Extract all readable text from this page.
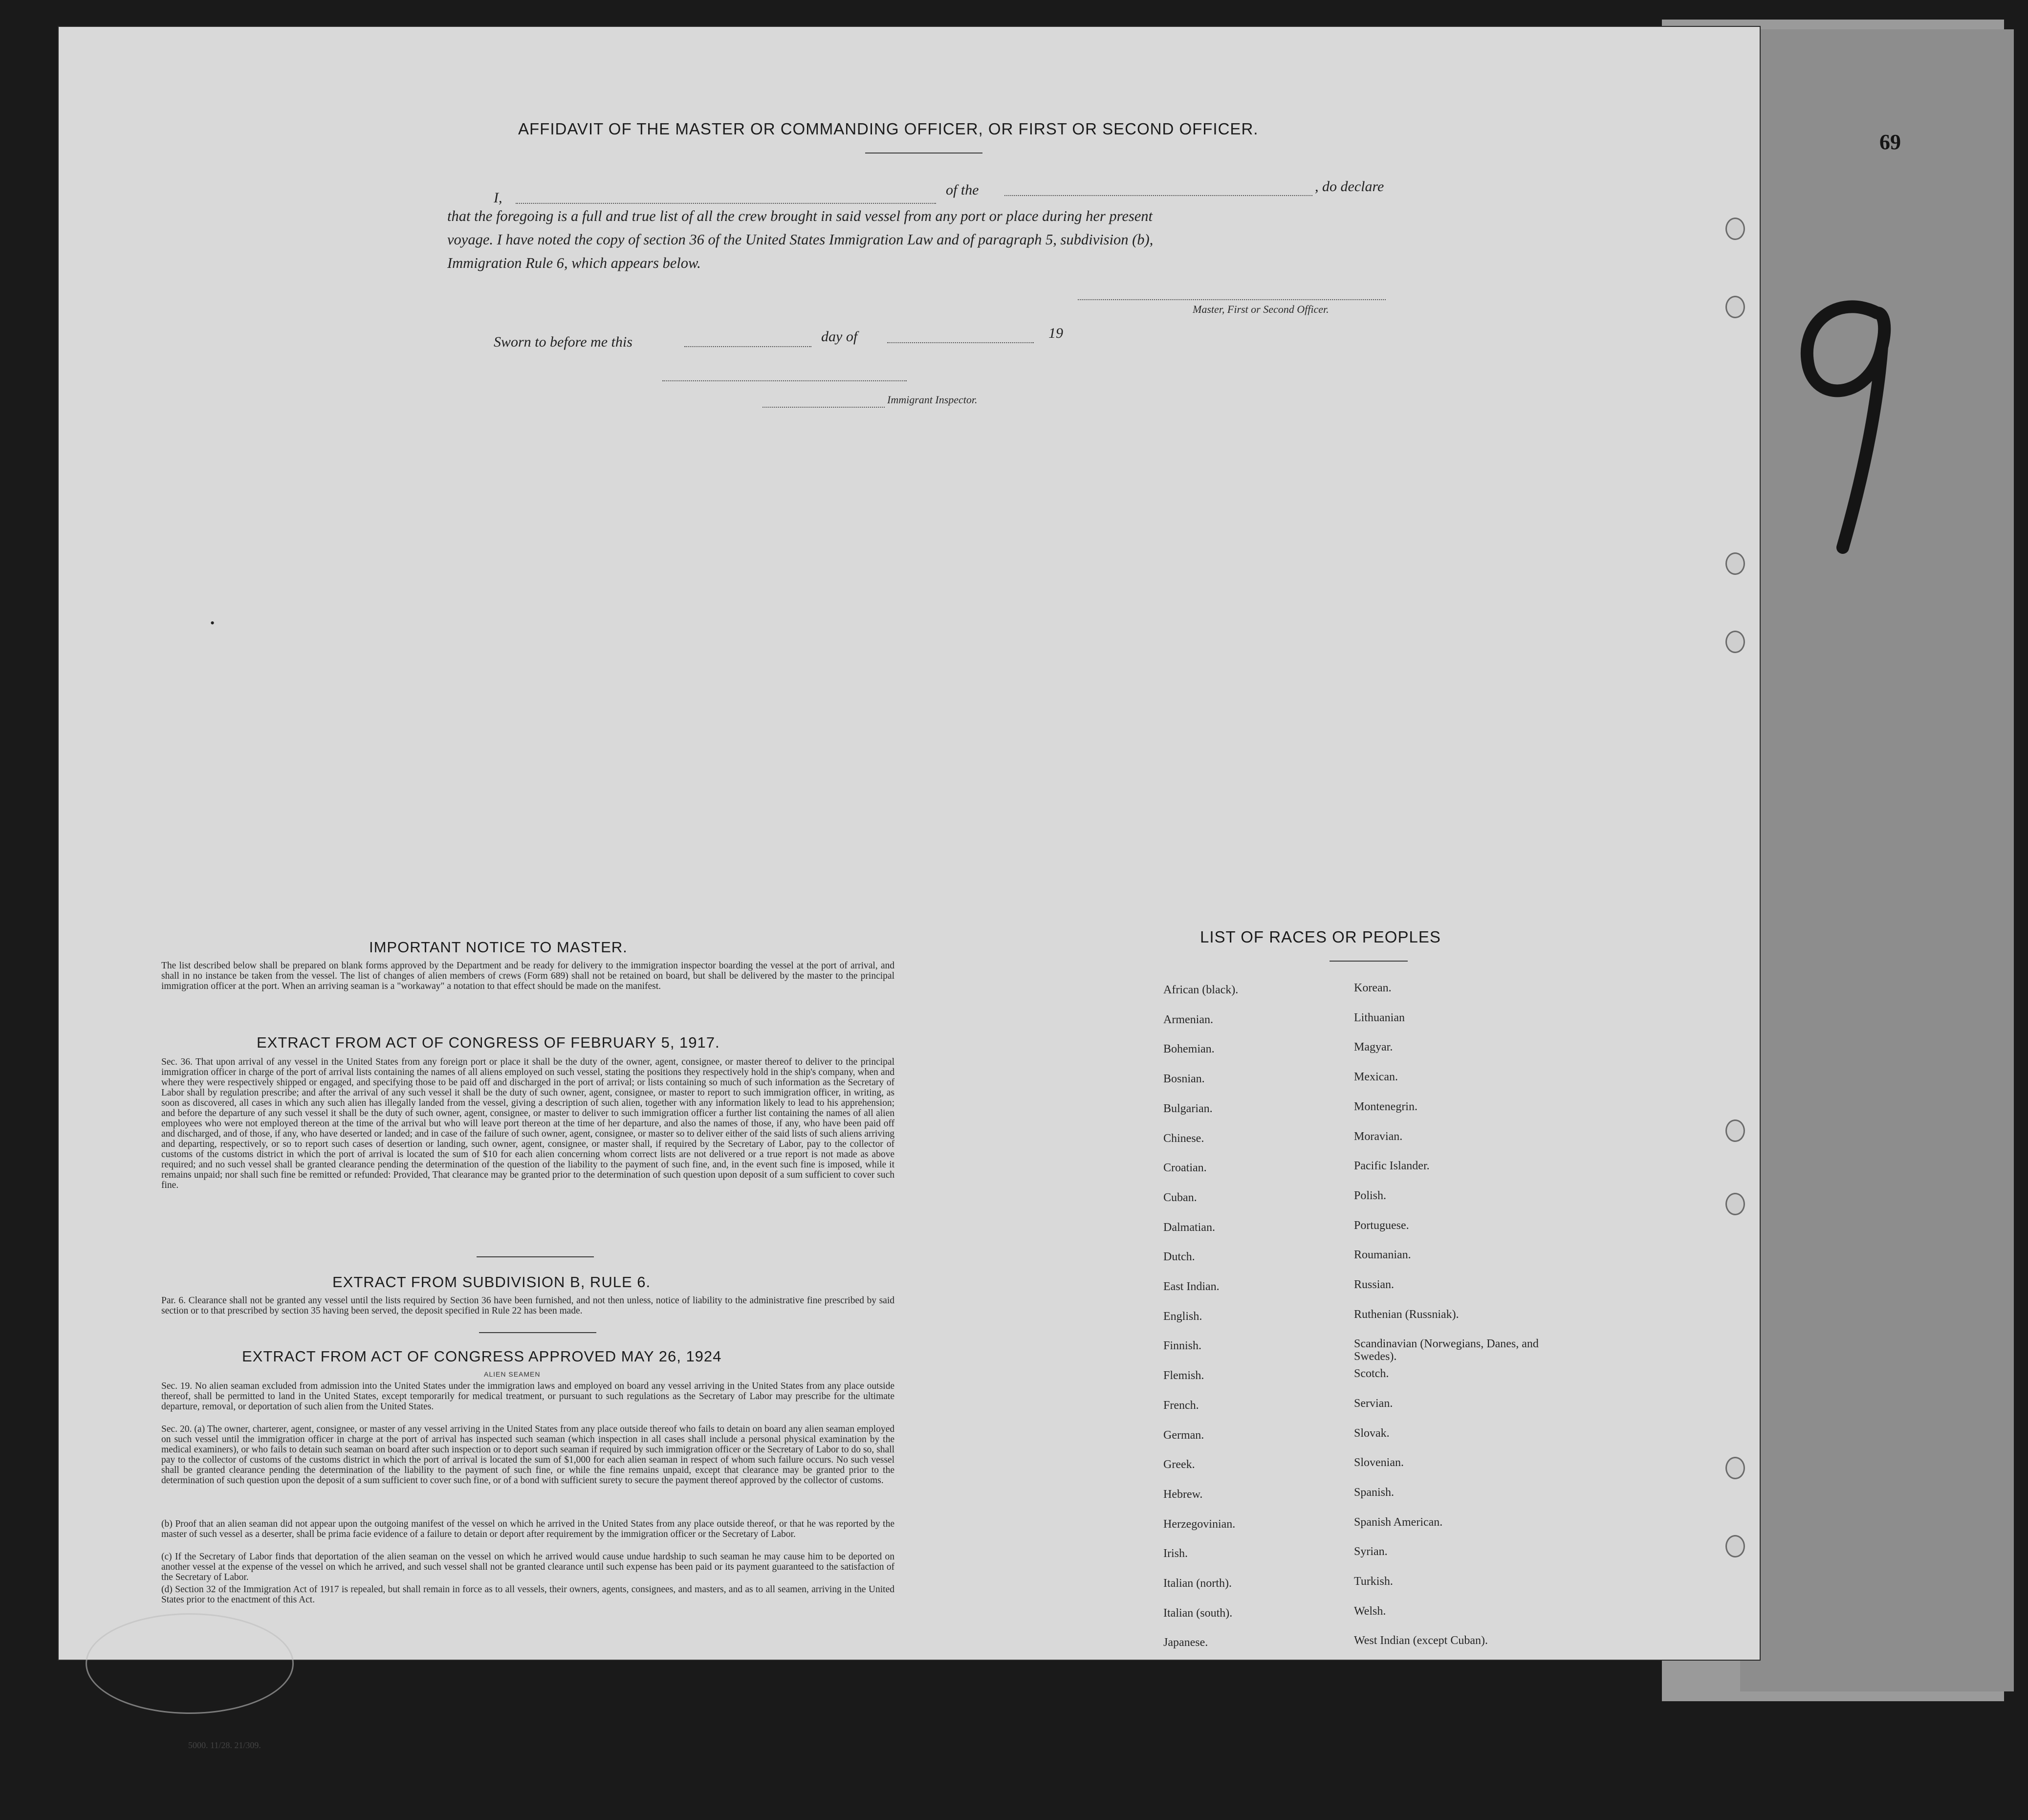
69
AFFIDAVIT OF THE MASTER OR COMMANDING OFFICER, OR FIRST OR SECOND OFFICER.
I,	of the	, do declare
that the foregoing is a full and true list of all the crew brought in said vessel from any port or place during her present
voyage. I have noted the copy of section 36 of the United States Immigration Law and of paragraph 5, subdivision (b),
Immigration Rule 6, which appears below.
Master, First or Second Officer.
Sworn to before me this	day of	19
Immigrant Inspector.
•
IMPORTANT NOTICE TO MASTER.
The list described below shall be prepared on blank forms approved by the Department and be ready for delivery to the immigration inspector boarding the vessel at the port of arrival, and shall in no instance be taken from the vessel. The list of changes of alien members of crews (Form 689) shall not be retained on board, but shall be delivered by the master to the principal immigration officer at the port. When an arriving seaman is a "workaway" a notation to that effect should be made on the manifest.
EXTRACT FROM ACT OF CONGRESS OF FEBRUARY 5, 1917.
Sec. 36. That upon arrival of any vessel in the United States from any foreign port or place it shall be the duty of the owner, agent, consignee, or master thereof to deliver to the principal immigration officer in charge of the port of arrival lists containing the names of all aliens employed on such vessel, stating the positions they respectively hold in the ship's company, when and where they were respectively shipped or engaged, and specifying those to be paid off and discharged in the port of arrival; or lists containing so much of such information as the Secretary of Labor shall by regulation prescribe; and after the arrival of any such vessel it shall be the duty of such owner, agent, consignee, or master to report to such immigration officer, in writing, as soon as discovered, all cases in which any such alien has illegally landed from the vessel, giving a description of such alien, together with any information likely to lead to his apprehension; and before the departure of any such vessel it shall be the duty of such owner, agent, consignee, or master to deliver to such immigration officer a further list containing the names of all alien employees who were not employed thereon at the time of the arrival but who will leave port thereon at the time of her departure, and also the names of those, if any, who have been paid off and discharged, and of those, if any, who have deserted or landed; and in case of the failure of such owner, agent, consignee, or master so to deliver either of the said lists of such aliens arriving and departing, respectively, or so to report such cases of desertion or landing, such owner, agent, consignee, or master shall, if required by the Secretary of Labor, pay to the collector of customs of the customs district in which the port of arrival is located the sum of $10 for each alien concerning whom correct lists are not delivered or a true report is not made as above required; and no such vessel shall be granted clearance pending the determination of the question of the liability to the payment of such fine, and, in the event such fine is imposed, while it remains unpaid; nor shall such fine be remitted or refunded: Provided, That clearance may be granted prior to the determination of such question upon deposit of a sum sufficient to cover such fine.
EXTRACT FROM SUBDIVISION B, RULE 6.
Par. 6. Clearance shall not be granted any vessel until the lists required by Section 36 have been furnished, and not then unless, notice of liability to the administrative fine prescribed by said section or to that prescribed by section 35 having been served, the deposit specified in Rule 22 has been made.
EXTRACT FROM ACT OF CONGRESS APPROVED MAY 26, 1924
ALIEN SEAMEN
Sec. 19. No alien seaman excluded from admission into the United States under the immigration laws and employed on board any vessel arriving in the United States from any place outside thereof, shall be permitted to land in the United States, except temporarily for medical treatment, or pursuant to such regulations as the Secretary of Labor may prescribe for the ultimate departure, removal, or deportation of such alien from the United States.
Sec. 20. (a) The owner, charterer, agent, consignee, or master of any vessel arriving in the United States from any place outside thereof who fails to detain on board any alien seaman employed on such vessel until the immigration officer in charge at the port of arrival has inspected such seaman (which inspection in all cases shall include a personal physical examination by the medical examiners), or who fails to detain such seaman on board after such inspection or to deport such seaman if required by such immigration officer or the Secretary of Labor to do so, shall pay to the collector of customs of the customs district in which the port of arrival is located the sum of $1,000 for each alien seaman in respect of whom such failure occurs. No such vessel shall be granted clearance pending the determination of the liability to the payment of such fine, or while the fine remains unpaid, except that clearance may be granted prior to the determination of such question upon the deposit of a sum sufficient to cover such fine, or of a bond with sufficient surety to secure the payment thereof approved by the collector of customs.
(b) Proof that an alien seaman did not appear upon the outgoing manifest of the vessel on which he arrived in the United States from any place outside thereof, or that he was reported by the master of such vessel as a deserter, shall be prima facie evidence of a failure to detain or deport after requirement by the immigration officer or the Secretary of Labor.
(c) If the Secretary of Labor finds that deportation of the alien seaman on the vessel on which he arrived would cause undue hardship to such seaman he may cause him to be deported on another vessel at the expense of the vessel on which he arrived, and such vessel shall not be granted clearance until such expense has been paid or its payment guaranteed to the satisfaction of the Secretary of Labor.
(d) Section 32 of the Immigration Act of 1917 is repealed, but shall remain in force as to all vessels, their owners, agents, consignees, and masters, and as to all seamen, arriving in the United States prior to the enactment of this Act.
LIST OF RACES OR PEOPLES
African (black).
Armenian.
Bohemian.
Bosnian.
Bulgarian.
Chinese.
Croatian.
Cuban.
Dalmatian.
Dutch.
East Indian.
English.
Finnish.
Flemish.
French.
German.
Greek.
Hebrew.
Herzegovinian.
Irish.
Italian (north).
Italian (south).
Japanese.
Korean.
Lithuanian
Magyar.
Mexican.
Montenegrin.
Moravian.
Pacific Islander.
Polish.
Portuguese.
Roumanian.
Russian.
Ruthenian (Russniak).
Scandinavian (Norwegians, Danes, and Swedes).
Scotch.
Servian.
Slovak.
Slovenian.
Spanish.
Spanish American.
Syrian.
Turkish.
Welsh.
West Indian (except Cuban).
5000. 11/28. 21/309.
